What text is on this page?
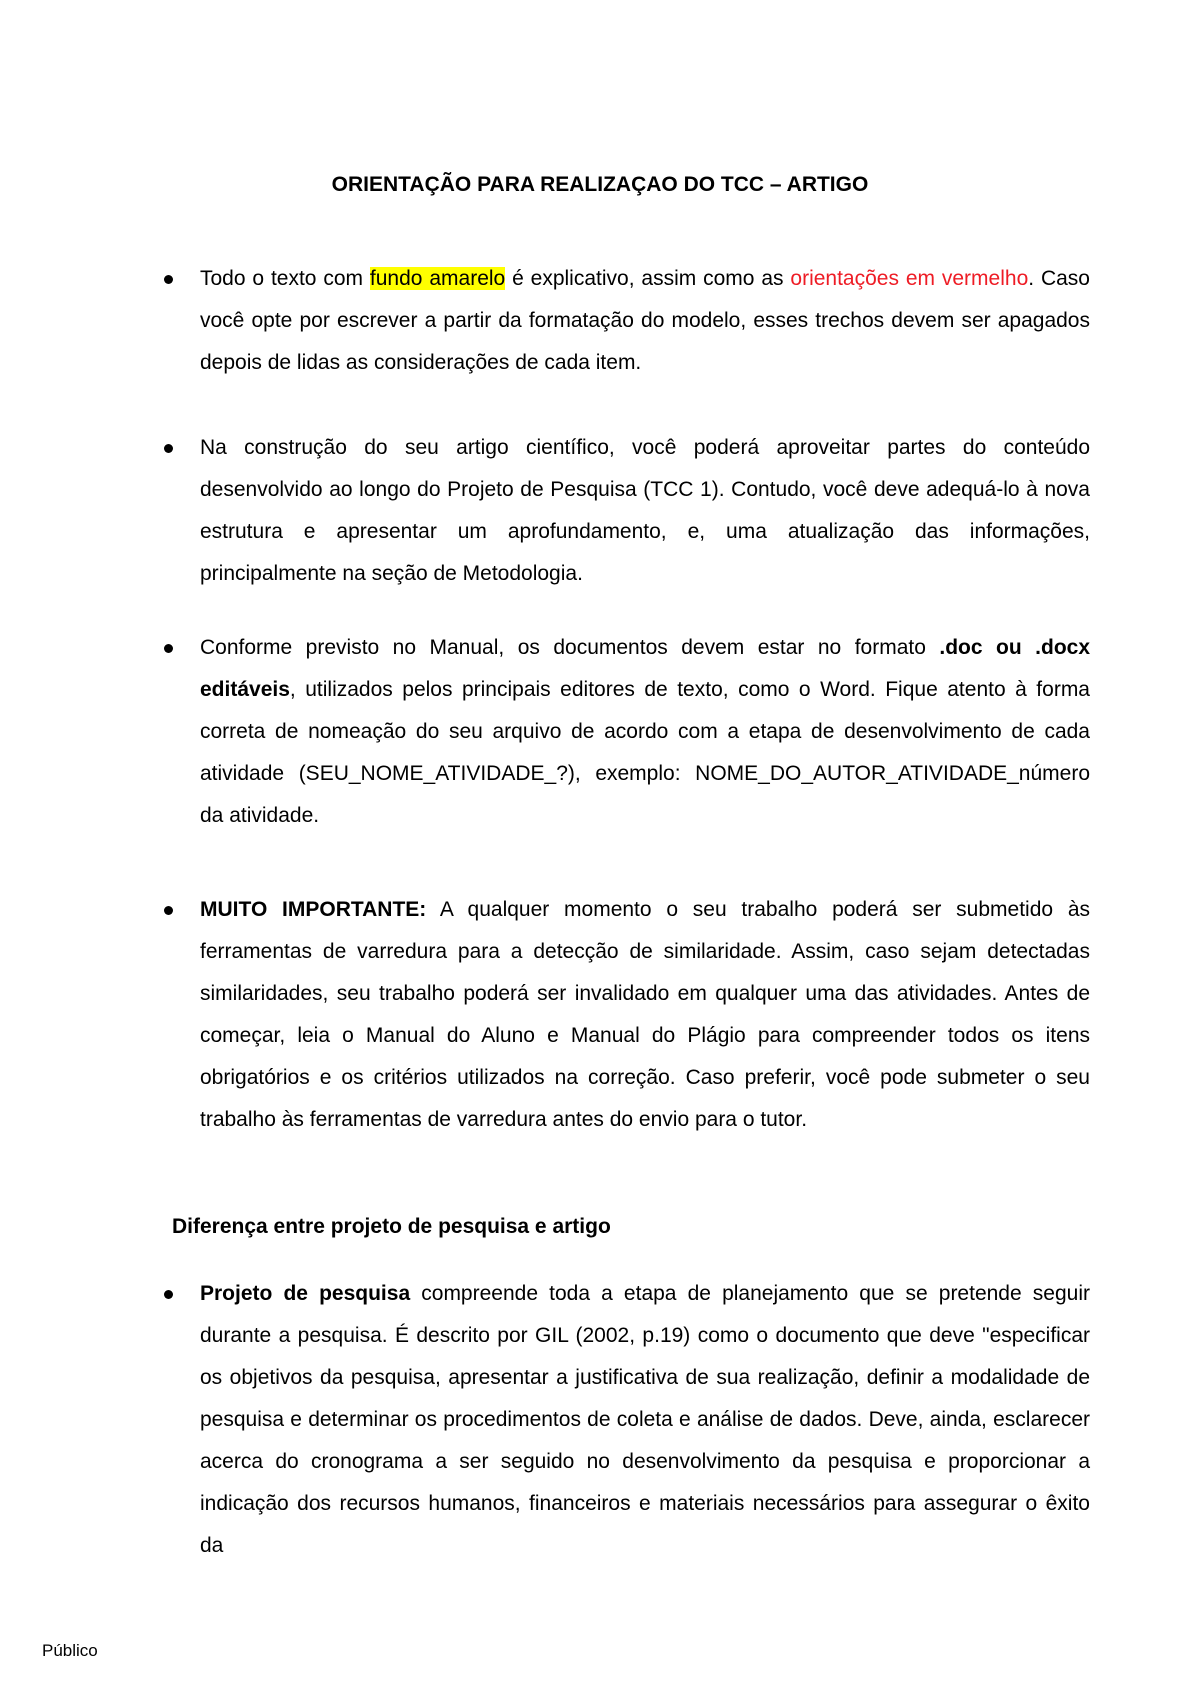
ORIENTAÇÃO PARA REALIZAÇAO DO TCC – ARTIGO
Todo o texto com fundo amarelo é explicativo, assim como as orientações em vermelho. Caso você opte por escrever a partir da formatação do modelo, esses trechos devem ser apagados depois de lidas as considerações de cada item.
Na construção do seu artigo científico, você poderá aproveitar partes do conteúdo desenvolvido ao longo do Projeto de Pesquisa (TCC 1). Contudo, você deve adequá-lo à nova estrutura e apresentar um aprofundamento, e, uma atualização das informações, principalmente na seção de Metodologia.
Conforme previsto no Manual, os documentos devem estar no formato .doc ou .docx editáveis, utilizados pelos principais editores de texto, como o Word. Fique atento à forma correta de nomeação do seu arquivo de acordo com a etapa de desenvolvimento de cada atividade (SEU_NOME_ATIVIDADE_?), exemplo: NOME_DO_AUTOR_ATIVIDADE_número da atividade.
MUITO IMPORTANTE: A qualquer momento o seu trabalho poderá ser submetido às ferramentas de varredura para a detecção de similaridade. Assim, caso sejam detectadas similaridades, seu trabalho poderá ser invalidado em qualquer uma das atividades. Antes de começar, leia o Manual do Aluno e Manual do Plágio para compreender todos os itens obrigatórios e os critérios utilizados na correção. Caso preferir, você pode submeter o seu trabalho às ferramentas de varredura antes do envio para o tutor.
Diferença entre projeto de pesquisa e artigo
Projeto de pesquisa compreende toda a etapa de planejamento que se pretende seguir durante a pesquisa. É descrito por GIL (2002, p.19) como o documento que deve "especificar os objetivos da pesquisa, apresentar a justificativa de sua realização, definir a modalidade de pesquisa e determinar os procedimentos de coleta e análise de dados. Deve, ainda, esclarecer acerca do cronograma a ser seguido no desenvolvimento da pesquisa e proporcionar a indicação dos recursos humanos, financeiros e materiais necessários para assegurar o êxito da
Público
